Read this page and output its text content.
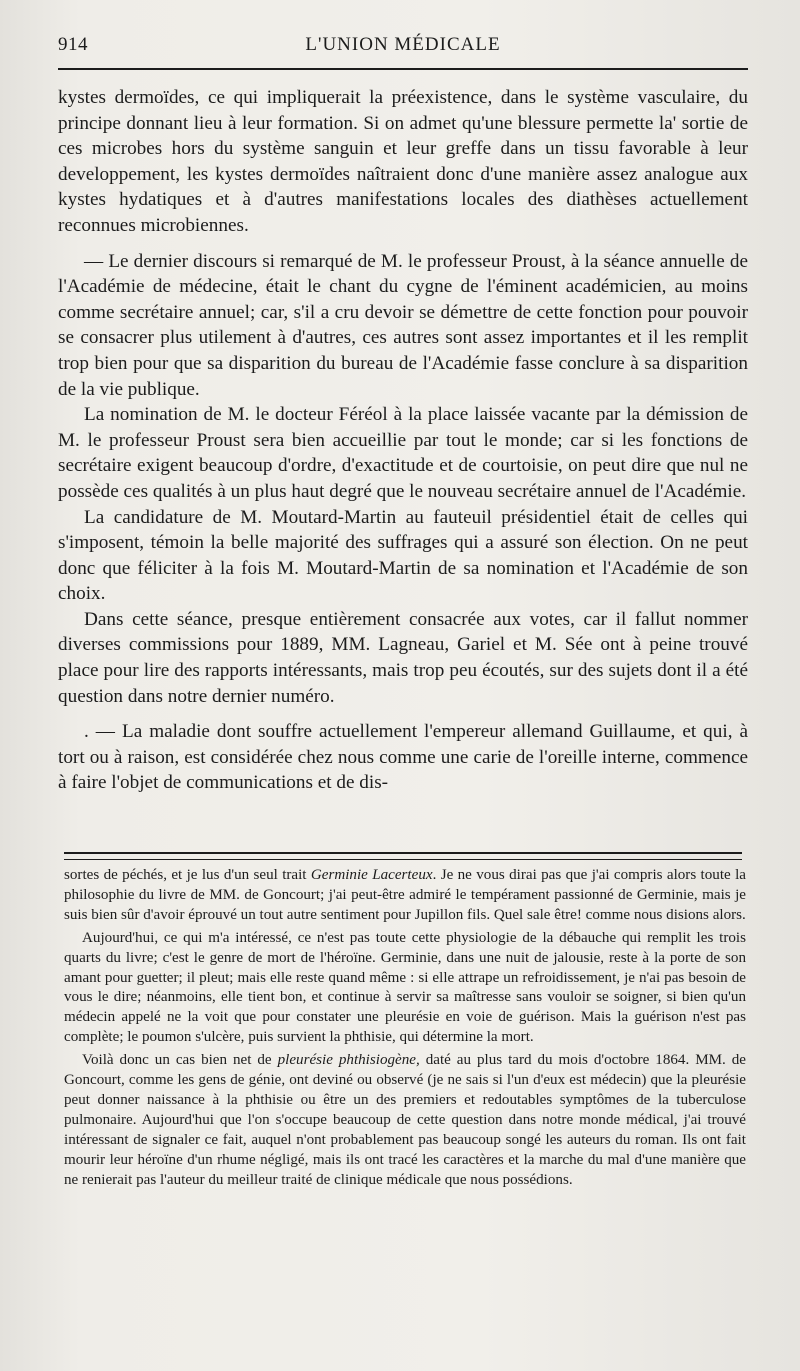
914	L'UNION MÉDICALE

kystes dermoïdes, ce qui impliquerait la préexistence, dans le système vasculaire, du principe donnant lieu à leur formation. Si on admet qu'une blessure permette la' sortie de ces microbes hors du système sanguin et leur greffe dans un tissu favorable à leur developpement, les kystes dermoïdes naîtraient donc d'une manière assez analogue aux kystes hydatiques et à d'autres manifestations locales des diathèses actuellement reconnues microbiennes.

— Le dernier discours si remarqué de M. le professeur Proust, à la séance annuelle de l'Académie de médecine, était le chant du cygne de l'éminent académicien, au moins comme secrétaire annuel; car, s'il a cru devoir se démettre de cette fonction pour pouvoir se consacrer plus utilement à d'autres, ces autres sont assez importantes et il les remplit trop bien pour que sa disparition du bureau de l'Académie fasse conclure à sa disparition de la vie publique.

La nomination de M. le docteur Féréol à la place laissée vacante par la démission de M. le professeur Proust sera bien accueillie par tout le monde; car si les fonctions de secrétaire exigent beaucoup d'ordre, d'exactitude et de courtoisie, on peut dire que nul ne possède ces qualités à un plus haut degré que le nouveau secrétaire annuel de l'Académie.

La candidature de M. Moutard-Martin au fauteuil présidentiel était de celles qui s'imposent, témoin la belle majorité des suffrages qui a assuré son élection. On ne peut donc que féliciter à la fois M. Moutard-Martin de sa nomination et l'Académie de son choix.

Dans cette séance, presque entièrement consacrée aux votes, car il fallut nommer diverses commissions pour 1889, MM. Lagneau, Gariel et M. Sée ont à peine trouvé place pour lire des rapports intéressants, mais trop peu écoutés, sur des sujets dont il a été question dans notre dernier numéro.

. — La maladie dont souffre actuellement l'empereur allemand Guillaume, et qui, à tort ou à raison, est considérée chez nous comme une carie de l'oreille interne, commence à faire l'objet de communications et de dis-

sortes de péchés, et je lus d'un seul trait Germinie Lacerteux. Je ne vous dirai pas que j'ai compris alors toute la philosophie du livre de MM. de Goncourt; j'ai peut-être admiré le tempérament passionné de Germinie, mais je suis bien sûr d'avoir éprouvé un tout autre sentiment pour Jupillon fils. Quel sale être! comme nous disions alors.

Aujourd'hui, ce qui m'a intéressé, ce n'est pas toute cette physiologie de la débauche qui remplit les trois quarts du livre; c'est le genre de mort de l'héroïne. Germinie, dans une nuit de jalousie, reste à la porte de son amant pour guetter; il pleut; mais elle reste quand même : si elle attrape un refroidissement, je n'ai pas besoin de vous le dire; néanmoins, elle tient bon, et continue à servir sa maîtresse sans vouloir se soigner, si bien qu'un médecin appelé ne la voit que pour constater une pleurésie en voie de guérison. Mais la guérison n'est pas complète; le poumon s'ulcère, puis survient la phthisie, qui détermine la mort.

Voilà donc un cas bien net de pleurésie phthisiogène, daté au plus tard du mois d'octobre 1864. MM. de Goncourt, comme les gens de génie, ont deviné ou observé (je ne sais si l'un d'eux est médecin) que la pleurésie peut donner naissance à la phthisie ou être un des premiers et redoutables symptômes de la tuberculose pulmonaire. Aujourd'hui que l'on s'occupe beaucoup de cette question dans notre monde médical, j'ai trouvé intéressant de signaler ce fait, auquel n'ont probablement pas beaucoup songé les auteurs du roman. Ils ont fait mourir leur héroïne d'un rhume négligé, mais ils ont tracé les caractères et la marche du mal d'une manière que ne renierait pas l'auteur du meilleur traité de clinique médicale que nous possédions.
